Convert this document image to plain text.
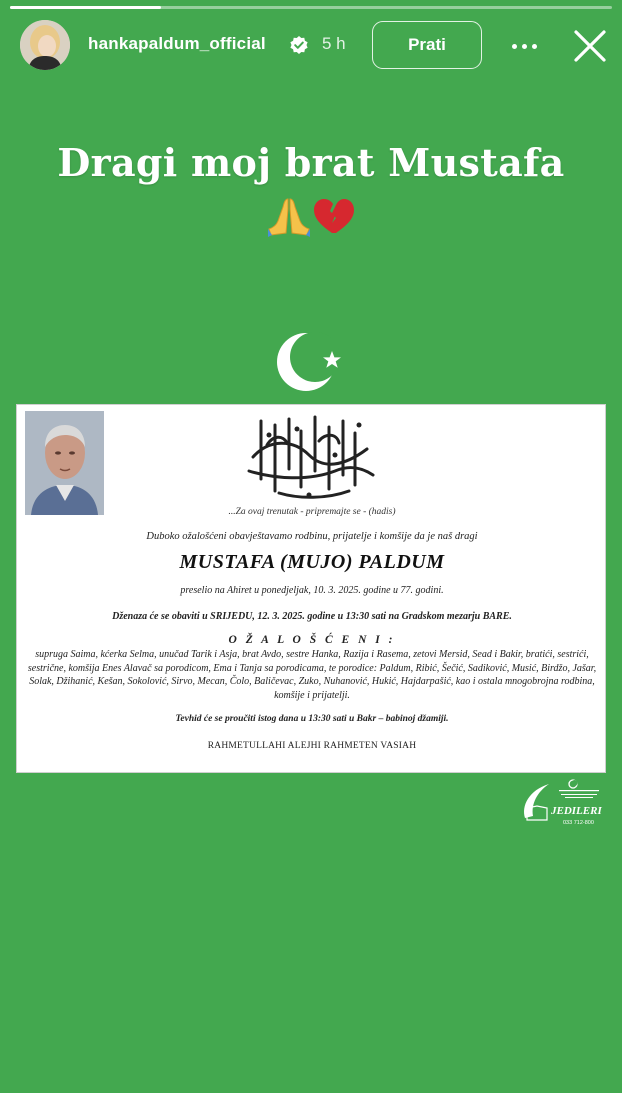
hankapaldum_official	5 h	Prati
Dragi moj brat Mustafa
...Za ovaj trenutak - pripremajte se - (hadis)
Duboko ožalošćeni obavještavamo rodbinu, prijatelje i komšije da je naš dragi
MUSTAFA (MUJO) PALDUM
preselio na Ahiret u ponedjeljak, 10. 3. 2025. godine u 77. godini.
Dženaza će se obaviti u SRIJEDU, 12. 3. 2025. godine u 13:30 sati na Gradskom mezarju BARE.
O Ž A L O Š Ć E N I :
supruga Saima, kćerka Selma, unučad Tarik i Asja, brat Avdo, sestre Hanka, Razija i Rasema, zetovi Mersid, Sead i Bakir, bratići, sestrići, sestrične, komšija Enes Alavač sa porodicom, Ema i Tanja sa porodicama, te porodice: Paldum, Ribić, Šečić, Sadiković, Musić, Birdžo, Jašar, Solak, Džihanić, Kešan, Sokolović, Sirvo, Mecan, Čolo, Baličevac, Zuko, Nuhanović, Hukić, Hajdarpašić, kao i ostala mnogobrojna rodbina, komšije i prijatelji.
Tevhid će se proučiti istog dana u 13:30 sati u Bakr – babinoj džamiji.
RAHMETULLAHI ALEJHI RAHMETEN VASIAH
JEDILERI
033 712-800
